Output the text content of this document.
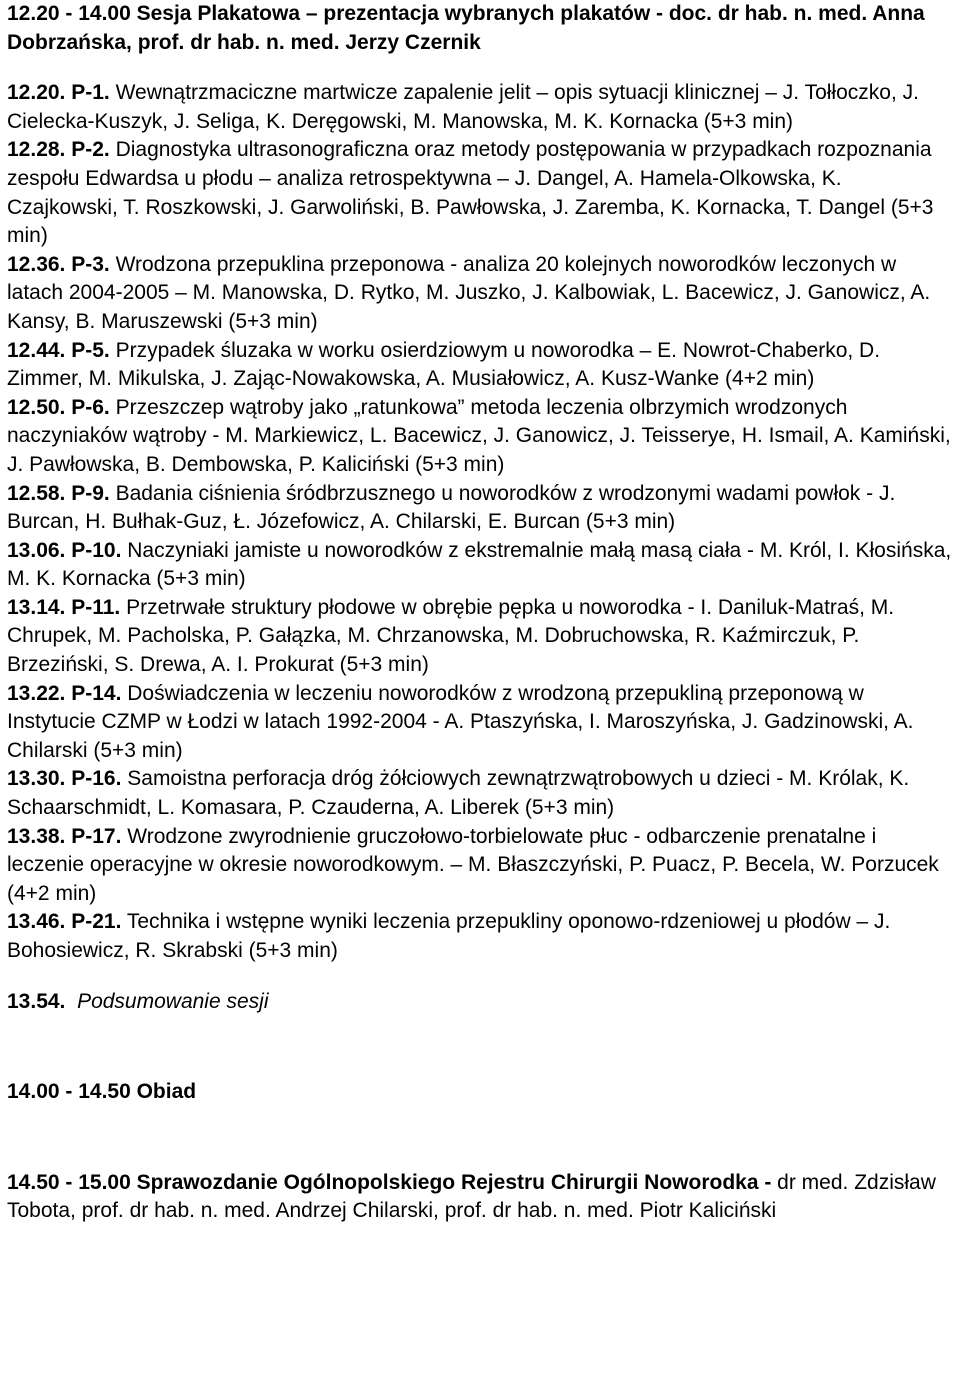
12.20 - 14.00 Sesja Plakatowa – prezentacja wybranych plakatów - doc. dr hab. n. med. Anna Dobrzańska, prof. dr hab. n. med. Jerzy Czernik

12.20. P-1. Wewnątrzmaciczne martwicze zapalenie jelit – opis sytuacji klinicznej – J. Tołłoczko, J. Cielecka-Kuszyk, J. Seliga, K. Deręgowski, M. Manowska, M. K. Kornacka (5+3 min)

12.28. P-2. Diagnostyka ultrasonograficzna oraz metody postępowania w przypadkach rozpoznania zespołu Edwardsa u płodu – analiza retrospektywna – J. Dangel, A. Hamela-Olkowska, K. Czajkowski, T. Roszkowski, J. Garwoliński, B. Pawłowska, J. Zaremba, K. Kornacka, T. Dangel (5+3 min)

12.36. P-3. Wrodzona przepuklina przeponowa - analiza 20 kolejnych noworodków leczonych w latach 2004-2005 – M. Manowska, D. Rytko, M. Juszko, J. Kalbowiak, L. Bacewicz, J. Ganowicz, A. Kansy, B. Maruszewski (5+3 min)

12.44. P-5. Przypadek śluzaka w worku osierdziowym u noworodka – E. Nowrot-Chaberko, D. Zimmer, M. Mikulska, J. Zając-Nowakowska, A. Musiałowicz, A. Kusz-Wanke (4+2 min)

12.50. P-6. Przeszczep wątroby jako „ratunkowa” metoda leczenia olbrzymich wrodzonych naczyniaków wątroby - M. Markiewicz, L. Bacewicz, J. Ganowicz, J. Teisserye, H. Ismail, A. Kamiński, J. Pawłowska, B. Dembowska, P. Kaliciński (5+3 min)

12.58. P-9. Badania ciśnienia śródbrzusznego u noworodków z wrodzonymi wadami powłok - J. Burcan, H. Bułhak-Guz, Ł. Józefowicz, A. Chilarski, E. Burcan (5+3 min)

13.06. P-10. Naczyniaki jamiste u noworodków z ekstremalnie małą masą ciała - M. Król, I. Kłosińska, M. K. Kornacka (5+3 min)

13.14. P-11. Przetrwałe struktury płodowe w obrębie pępka u noworodka - I. Daniluk-Matraś, M. Chrupek, M. Pacholska, P. Gałązka, M. Chrzanowska, M. Dobruchowska, R. Kaźmirczuk, P. Brzeziński, S. Drewa, A. I. Prokurat (5+3 min)

13.22. P-14. Doświadczenia w leczeniu noworodków z wrodzoną przepukliną przeponową w Instytucie CZMP w Łodzi w latach 1992-2004 - A. Ptaszyńska, I. Maroszyńska, J. Gadzinowski, A. Chilarski (5+3 min)

13.30. P-16. Samoistna perforacja dróg żółciowych zewnątrzwątrobowych u dzieci - M. Królak, K. Schaarschmidt, L. Komasara, P. Czauderna, A. Liberek (5+3 min)

13.38. P-17. Wrodzone zwyrodnienie gruczołowo-torbielowate płuc - odbarczenie prenatalne i leczenie operacyjne w okresie noworodkowym. – M. Błaszczyński, P. Puacz, P. Becela, W. Porzucek (4+2 min)

13.46. P-21. Technika i wstępne wyniki leczenia przepukliny oponowo-rdzeniowej u płodów – J. Bohosiewicz, R. Skrabski (5+3 min)

13.54. Podsumowanie sesji

14.00 - 14.50 Obiad

14.50 - 15.00 Sprawozdanie Ogólnopolskiego Rejestru Chirurgii Noworodka - dr med. Zdzisław Tobota, prof. dr hab. n. med. Andrzej Chilarski, prof. dr hab. n. med. Piotr Kaliciński
